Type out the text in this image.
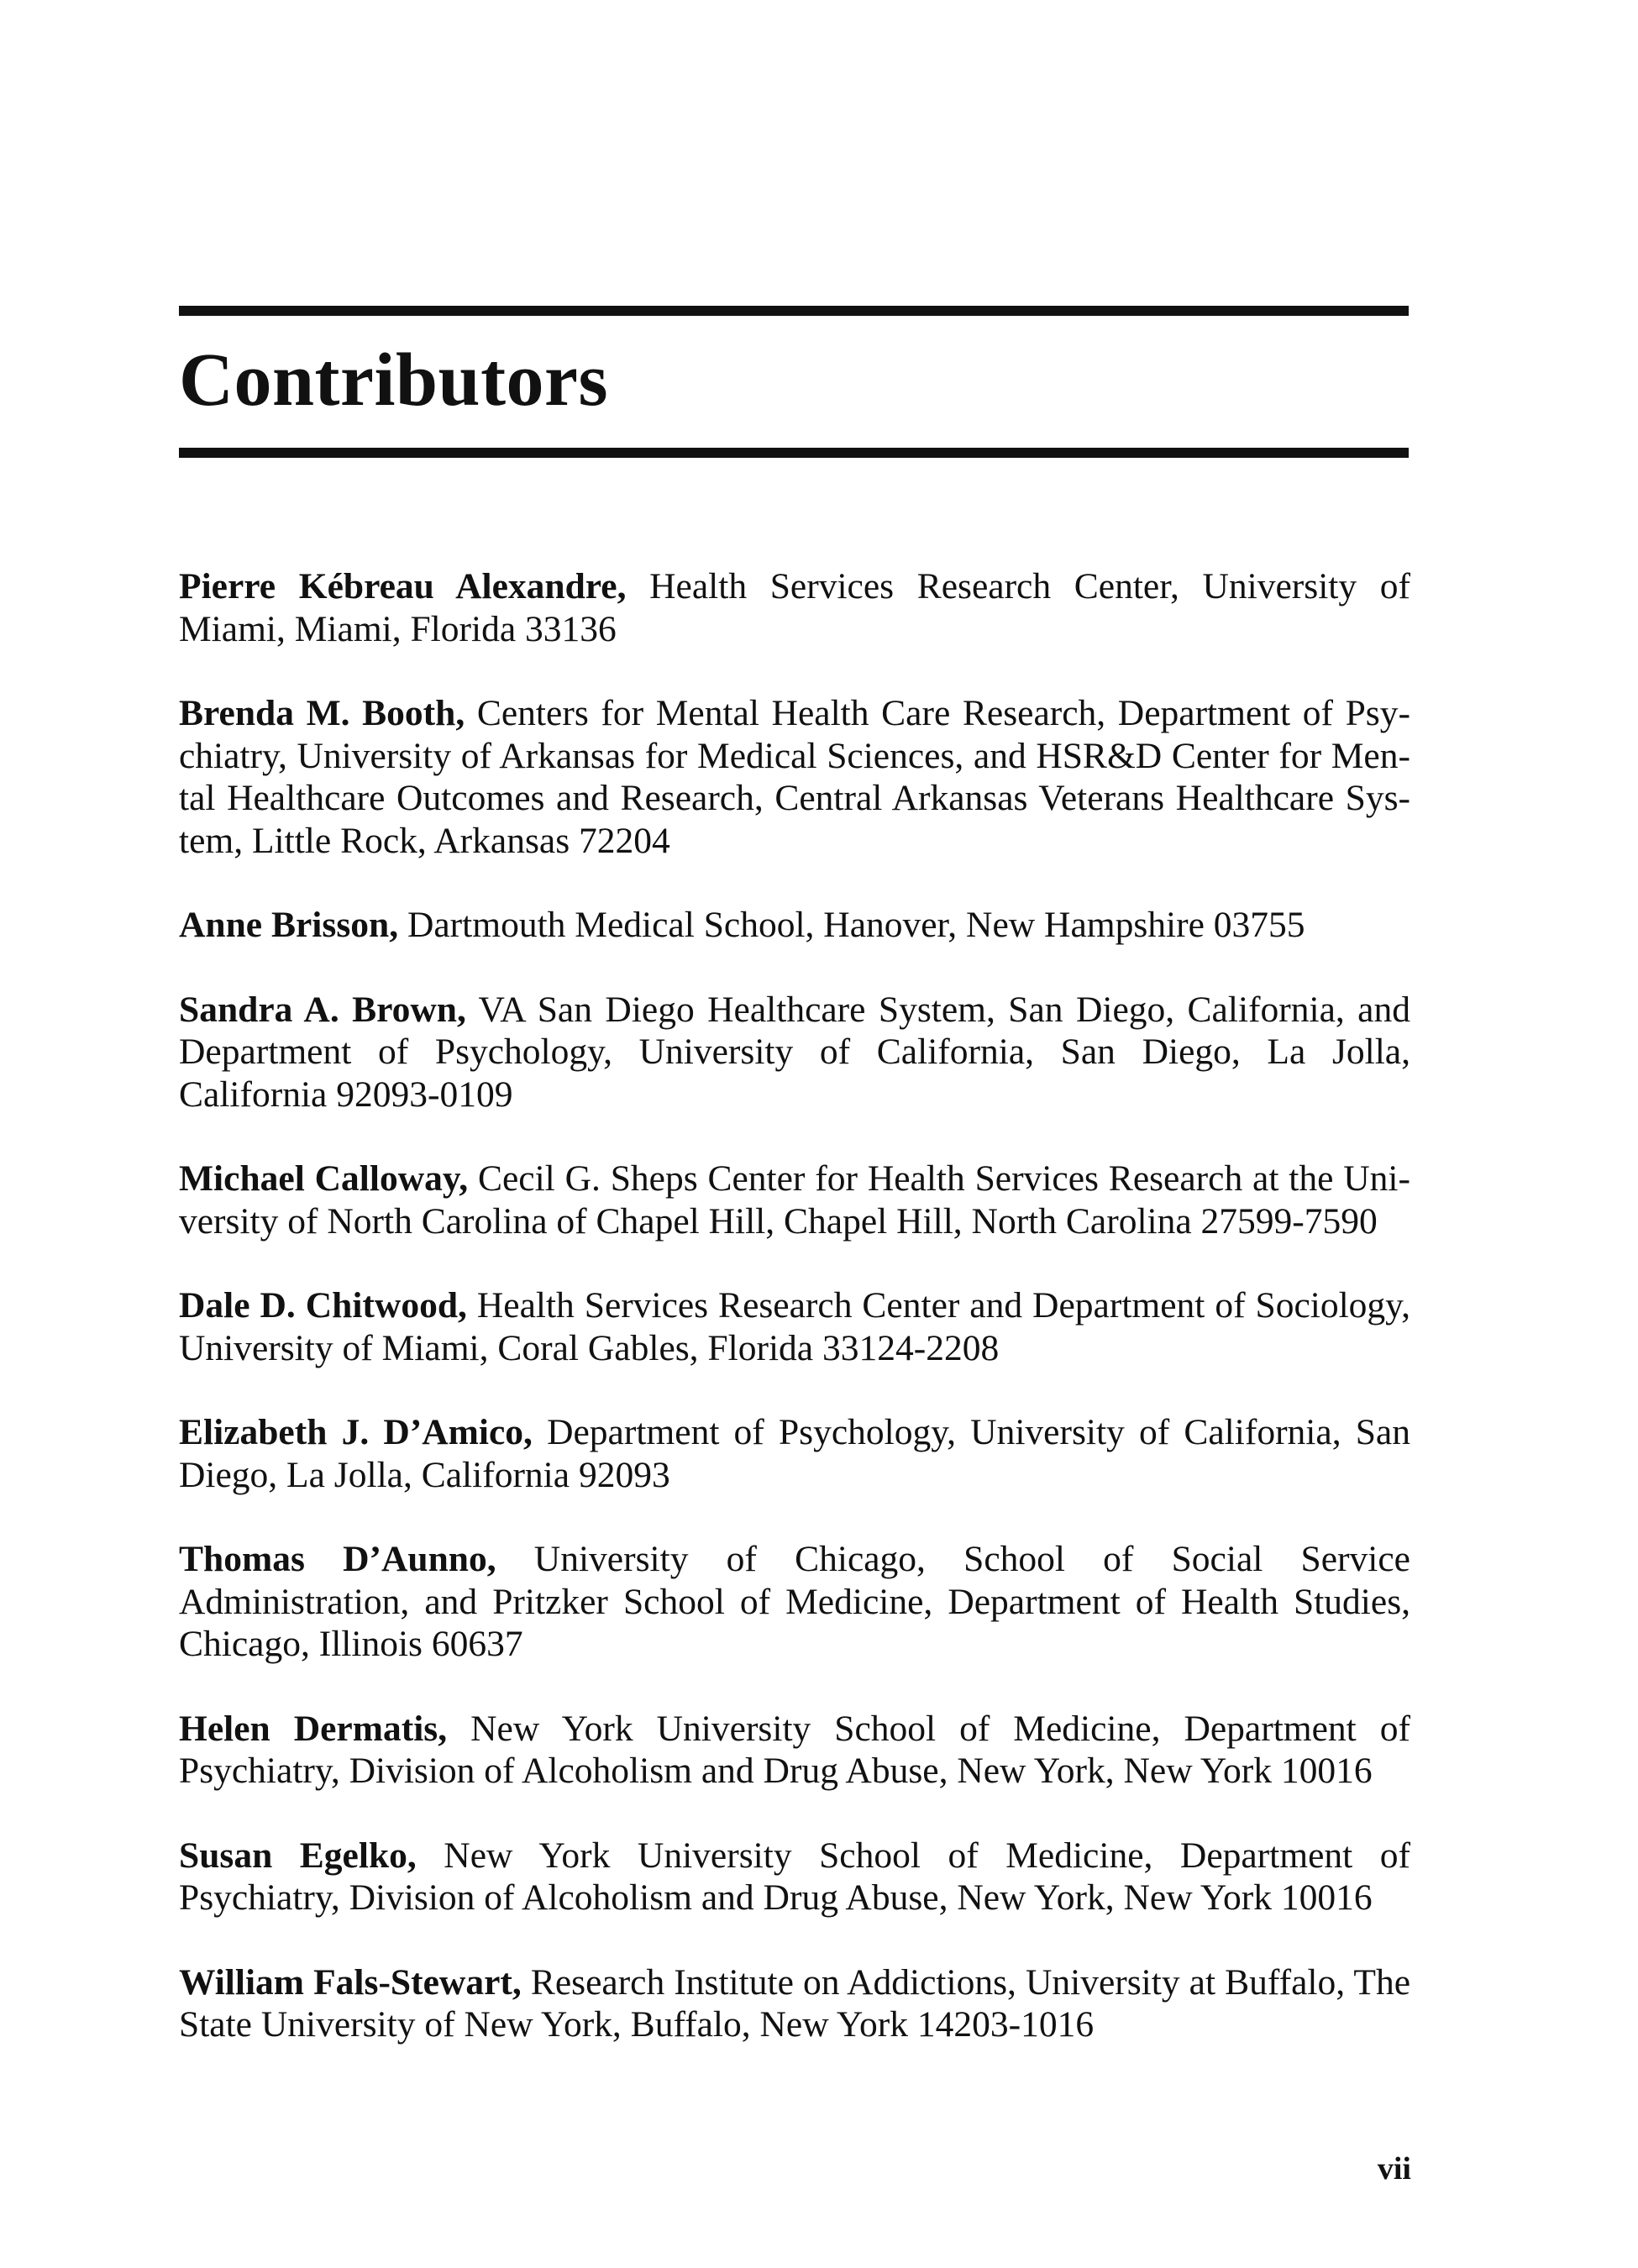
Contributors
Pierre Kébreau Alexandre, Health Services Research Center, University of Miami, Miami, Florida 33136
Brenda M. Booth, Centers for Mental Health Care Research, Department of Psychiatry, University of Arkansas for Medical Sciences, and HSR&D Center for Mental Healthcare Outcomes and Research, Central Arkansas Veterans Healthcare System, Little Rock, Arkansas 72204
Anne Brisson, Dartmouth Medical School, Hanover, New Hampshire 03755
Sandra A. Brown, VA San Diego Healthcare System, San Diego, California, and Department of Psychology, University of California, San Diego, La Jolla, California 92093-0109
Michael Calloway, Cecil G. Sheps Center for Health Services Research at the University of North Carolina of Chapel Hill, Chapel Hill, North Carolina 27599-7590
Dale D. Chitwood, Health Services Research Center and Department of Sociology, University of Miami, Coral Gables, Florida 33124-2208
Elizabeth J. D’Amico, Department of Psychology, University of California, San Diego, La Jolla, California 92093
Thomas D’Aunno, University of Chicago, School of Social Service Administration, and Pritzker School of Medicine, Department of Health Studies, Chicago, Illinois 60637
Helen Dermatis, New York University School of Medicine, Department of Psychiatry, Division of Alcoholism and Drug Abuse, New York, New York 10016
Susan Egelko, New York University School of Medicine, Department of Psychiatry, Division of Alcoholism and Drug Abuse, New York, New York 10016
William Fals-Stewart, Research Institute on Addictions, University at Buffalo, The State University of New York, Buffalo, New York 14203-1016
vii
